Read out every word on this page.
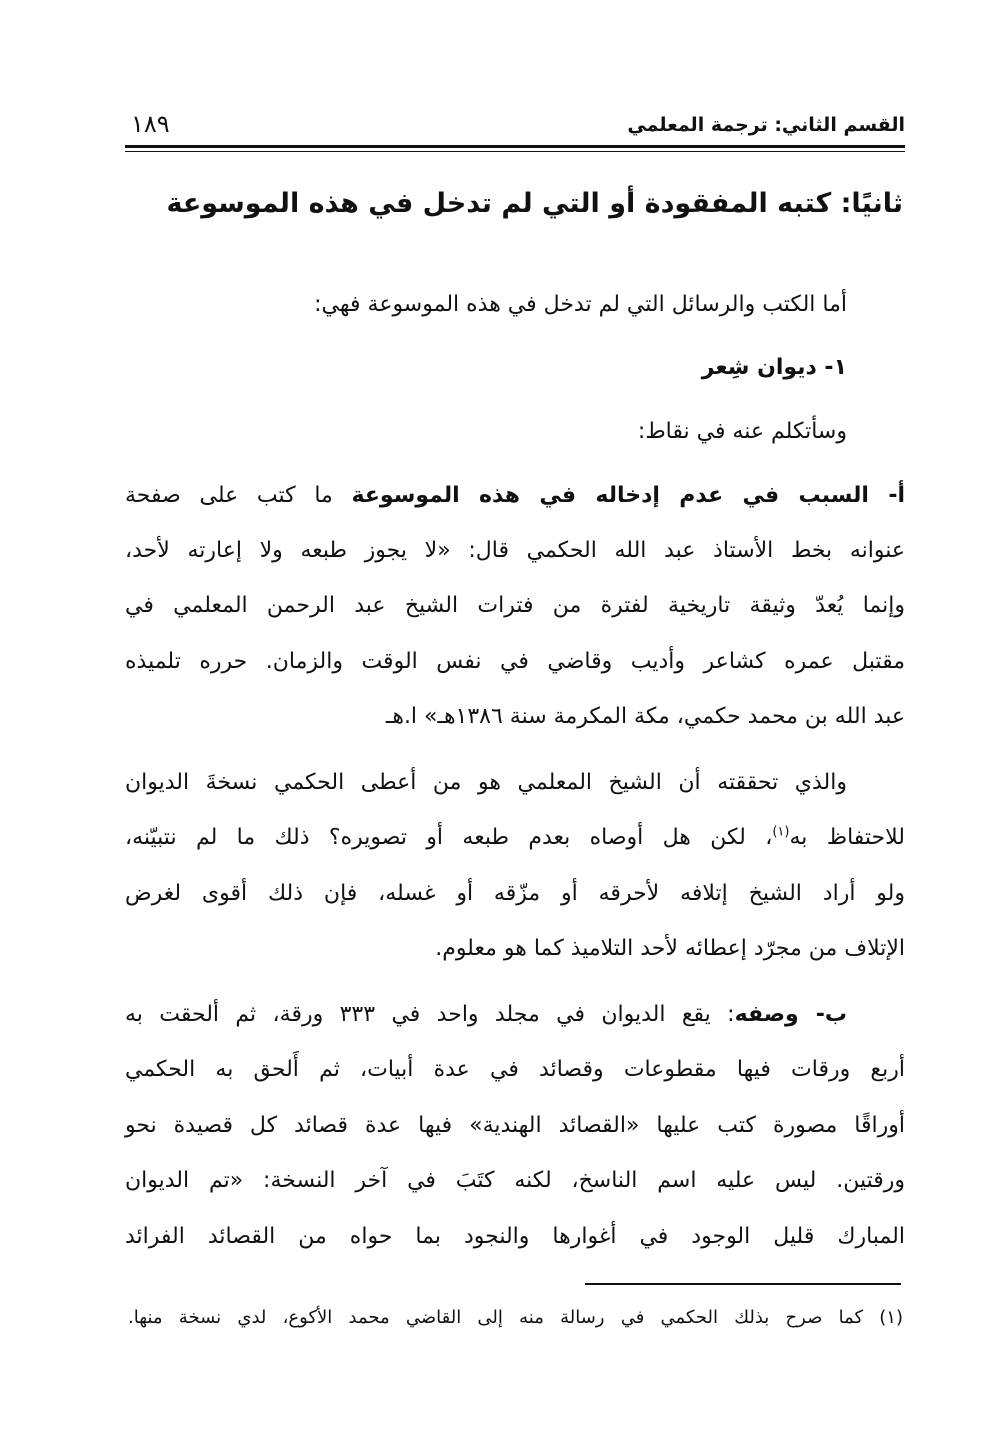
القسم الثاني: ترجمة المعلمي
١٨٩
ثانيًا: كتبه المفقودة أو التي لم تدخل في هذه الموسوعة
أما الكتب والرسائل التي لم تدخل في هذه الموسوعة فهي:
١- ديوان شِعر
وسأتكلم عنه في نقاط:
أ- السبب في عدم إدخاله في هذه الموسوعة ما كتب على صفحة
عنوانه بخط الأستاذ عبد الله الحكمي قال: «لا يجوز طبعه ولا إعارته لأحد،
وإنما يُعدّ وثيقة تاريخية لفترة من فترات الشيخ عبد الرحمن المعلمي في
مقتبل عمره كشاعر وأديب وقاضي في نفس الوقت والزمان. حرره تلميذه
عبد الله بن محمد حكمي، مكة المكرمة سنة ١٣٨٦هـ» ا.هـ
والذي تحققته أن الشيخ المعلمي هو من أعطى الحكمي نسخةَ الديوان
للاحتفاظ به$^{(١)}$، لكن هل أوصاه بعدم طبعه أو تصويره؟ ذلك ما لم نتبيّنه،
ولو أراد الشيخ إتلافه لأحرقه أو مزّقه أو غسله، فإن ذلك أقوى لغرض
الإتلاف من مجرّد إعطائه لأحد التلاميذ كما هو معلوم.
ب- وصفه: يقع الديوان في مجلد واحد في ٣٣٣ ورقة، ثم ألحقت به
أربع ورقات فيها مقطوعات وقصائد في عدة أبيات، ثم أَلحق به الحكمي
أوراقًا مصورة كتب عليها «القصائد الهندية» فيها عدة قصائد كل قصيدة نحو
ورقتين. ليس عليه اسم الناسخ، لكنه كتَبَ في آخر النسخة: «تم الديوان
المبارك قليل الوجود في أغوارها والنجود بما حواه من القصائد الفرائد
(١) كما صرح بذلك الحكمي في رسالة منه إلى القاضي محمد الأكوع، لدي نسخة منها.
